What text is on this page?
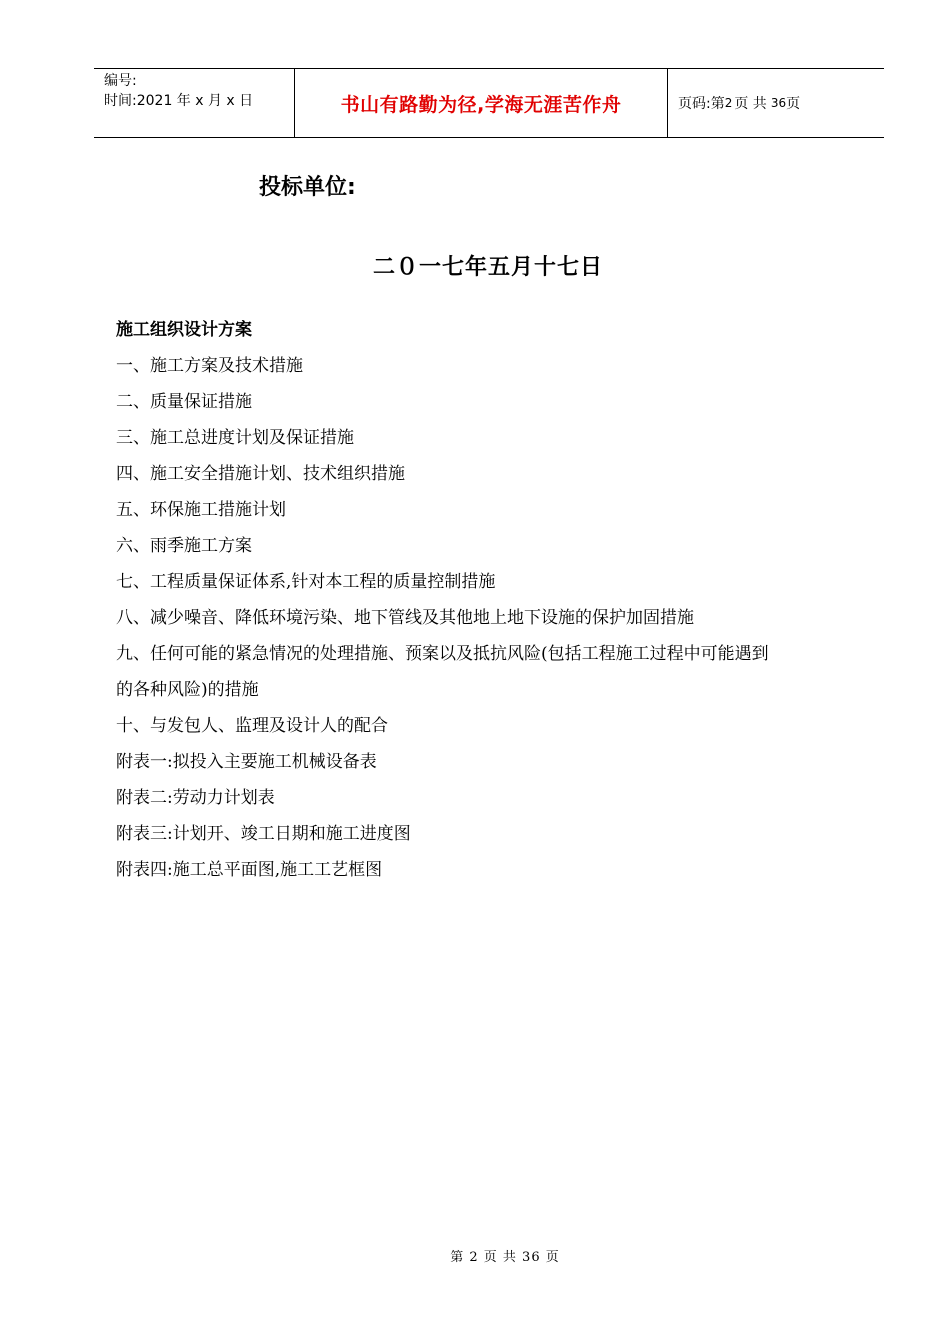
编号:
时间:2021 年 x 月 x 日	书山有路勤为径,学海无涯苦作舟	页码:第 2 页 共 36 页
投标单位:
二０一七年五月十七日

施工组织设计方案

一、施工方案及技术措施
二、质量保证措施
三、施工总进度计划及保证措施
四、施工安全措施计划、技术组织措施
五、环保施工措施计划
六、雨季施工方案
七、工程质量保证体系,针对本工程的质量控制措施
八、减少噪音、降低环境污染、地下管线及其他地上地下设施的保护加固措施
九、任何可能的紧急情况的处理措施、预案以及抵抗风险(包括工程施工过程中可能遇到
的各种风险)的措施
十、与发包人、监理及设计人的配合
附表一:拟投入主要施工机械设备表
附表二:劳动力计划表
附表三:计划开、竣工日期和施工进度图
附表四:施工总平面图,施工工艺框图
第 2 页 共 36 页
